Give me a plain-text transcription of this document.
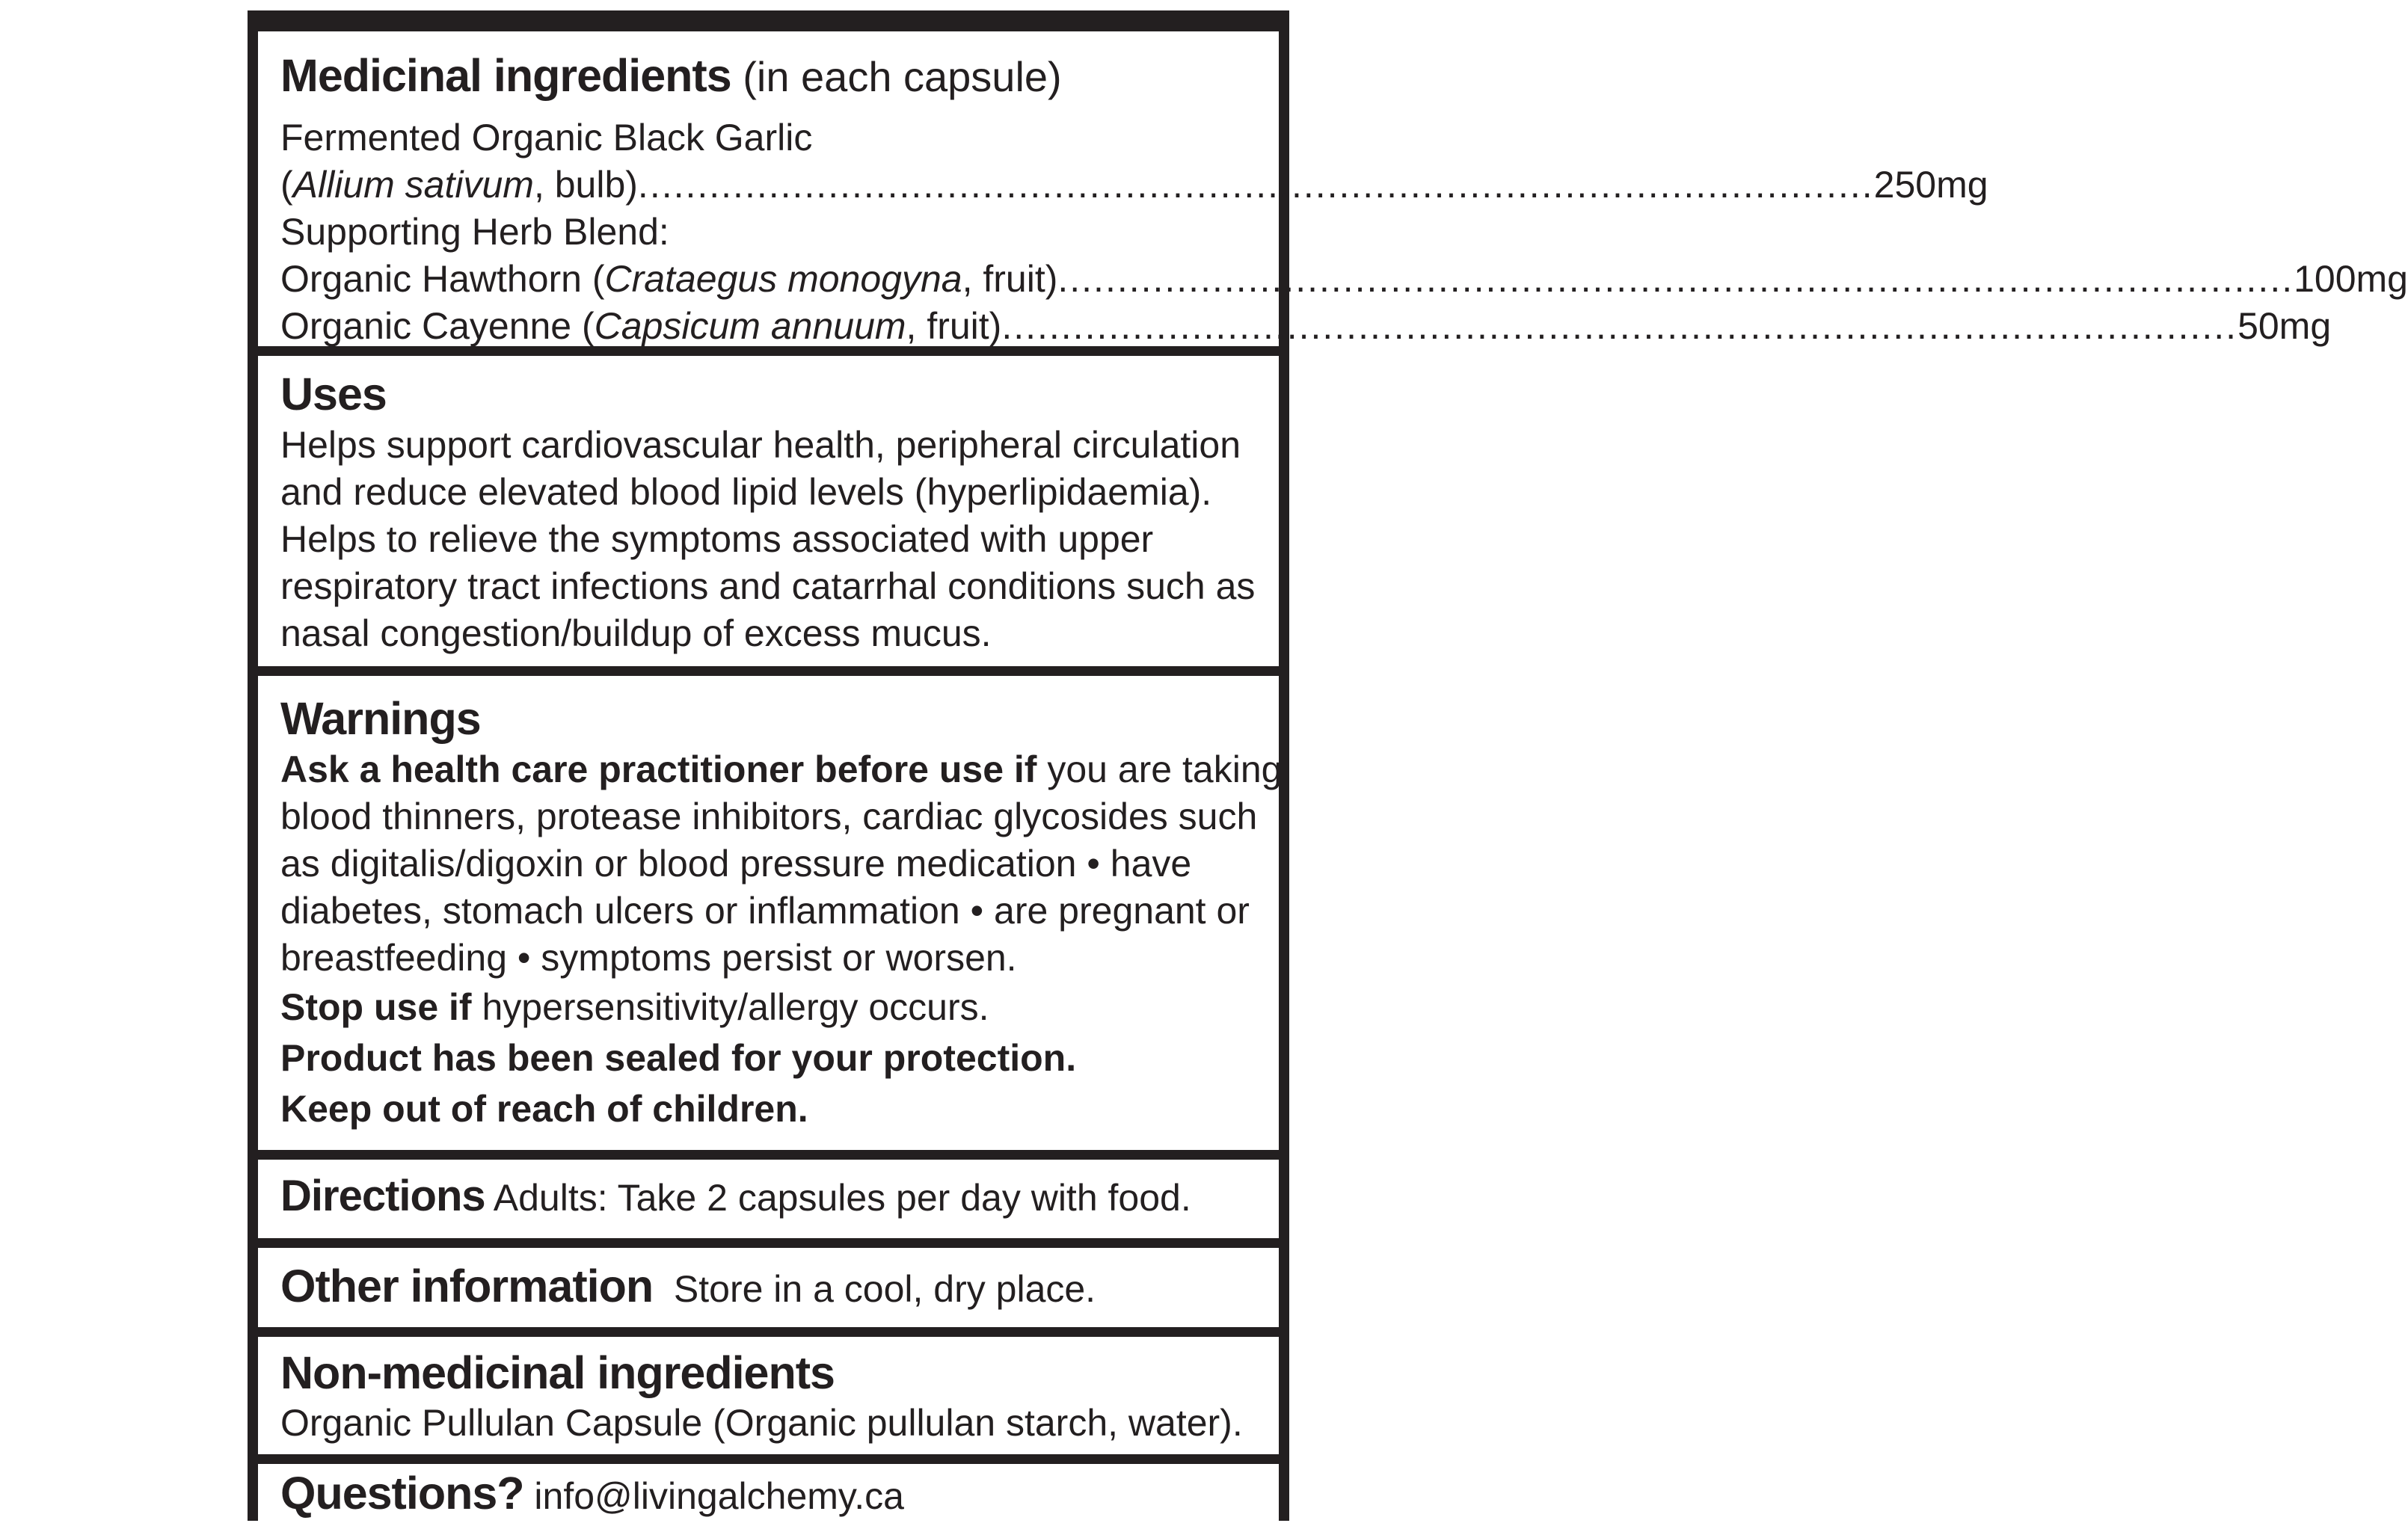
Medicinal ingredients (in each capsule)
Fermented Organic Black Garlic
(Allium sativum, bulb) ........................................................................................................ 250mg
Supporting Herb Blend:
Organic Hawthorn (Crataegus monogyna, fruit) ........................................................................................................ 100mg
Organic Cayenne (Capsicum annuum, fruit) ........................................................................................................ 50mg
Uses
Helps support cardiovascular health, peripheral circulation
and reduce elevated blood lipid levels (hyperlipidaemia).
Helps to relieve the symptoms associated with upper
respiratory tract infections and catarrhal conditions such as
nasal congestion/buildup of excess mucus.
Warnings
Ask a health care practitioner before use if you are taking
blood thinners, protease inhibitors, cardiac glycosides such
as digitalis/digoxin or blood pressure medication • have
diabetes, stomach ulcers or inflammation • are pregnant or
breastfeeding • symptoms persist or worsen.
Stop use if hypersensitivity/allergy occurs.
Product has been sealed for your protection.
Keep out of reach of children.
Directions Adults: Take 2 capsules per day with food.
Other information  Store in a cool, dry place.
Non-medicinal ingredients
Organic Pullulan Capsule (Organic pullulan starch, water).
Questions? info@livingalchemy.ca
